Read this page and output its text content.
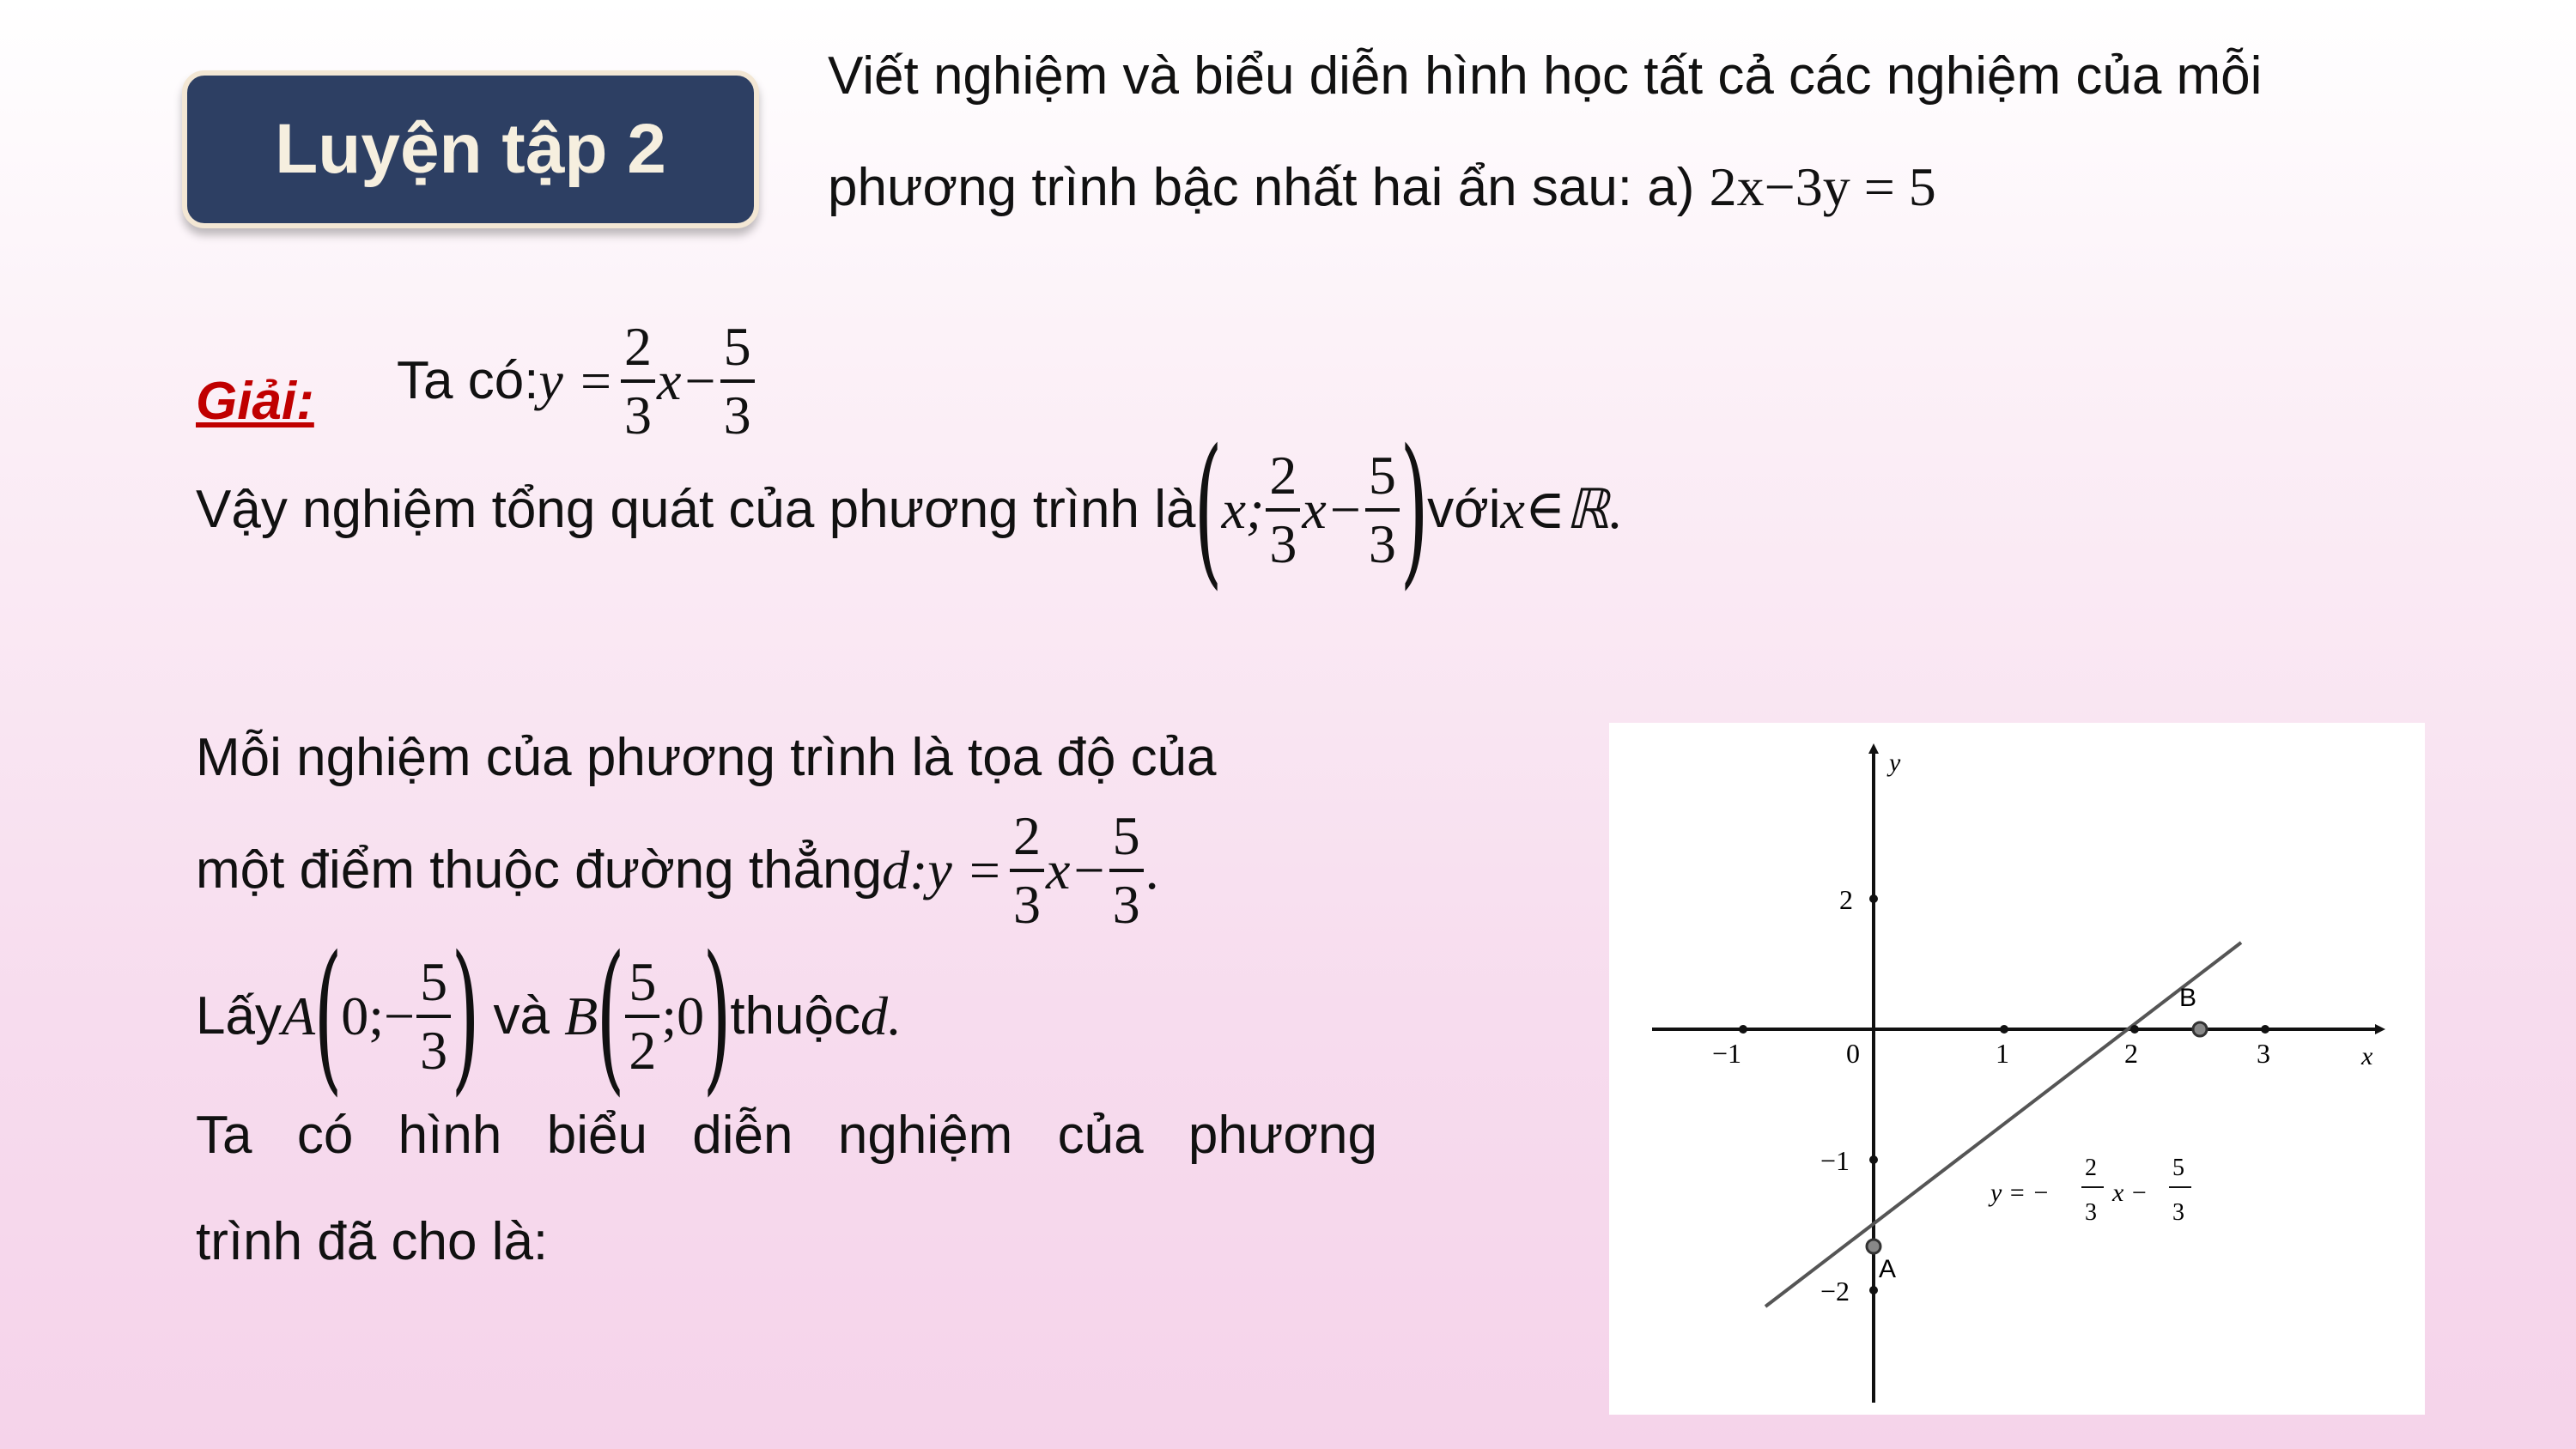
Luyện tập 2
Viết nghiệm và biểu diễn hình học tất cả các nghiệm của mỗi
phương trình bậc nhất hai ẩn sau: a) 2x−3y = 5
Giải: Ta có: $y = \frac{2}{3} x- \frac{5}{3}$
Vậy nghiệm tổng quát của phương trình là
(
x; $\frac{2}{3} x- \frac{5}{3}$ )
với x∈ℝ.
Mỗi nghiệm của phương trình là tọa độ của
một điểm thuộc đường thẳng d:y = $\frac{2}{3} x- \frac{5}{3}$ .
Lấy A
(
0;− $\frac{5}{3}$ )
và B
( $\frac{5}{2}$ ;0
)
thuộc d.
Ta có hình biểu diễn nghiệm của phương
trình đã cho là:
x
y
−1	1	2	3
0
2
−1
−2
A
B
y = −
2
3
x −
5
3
